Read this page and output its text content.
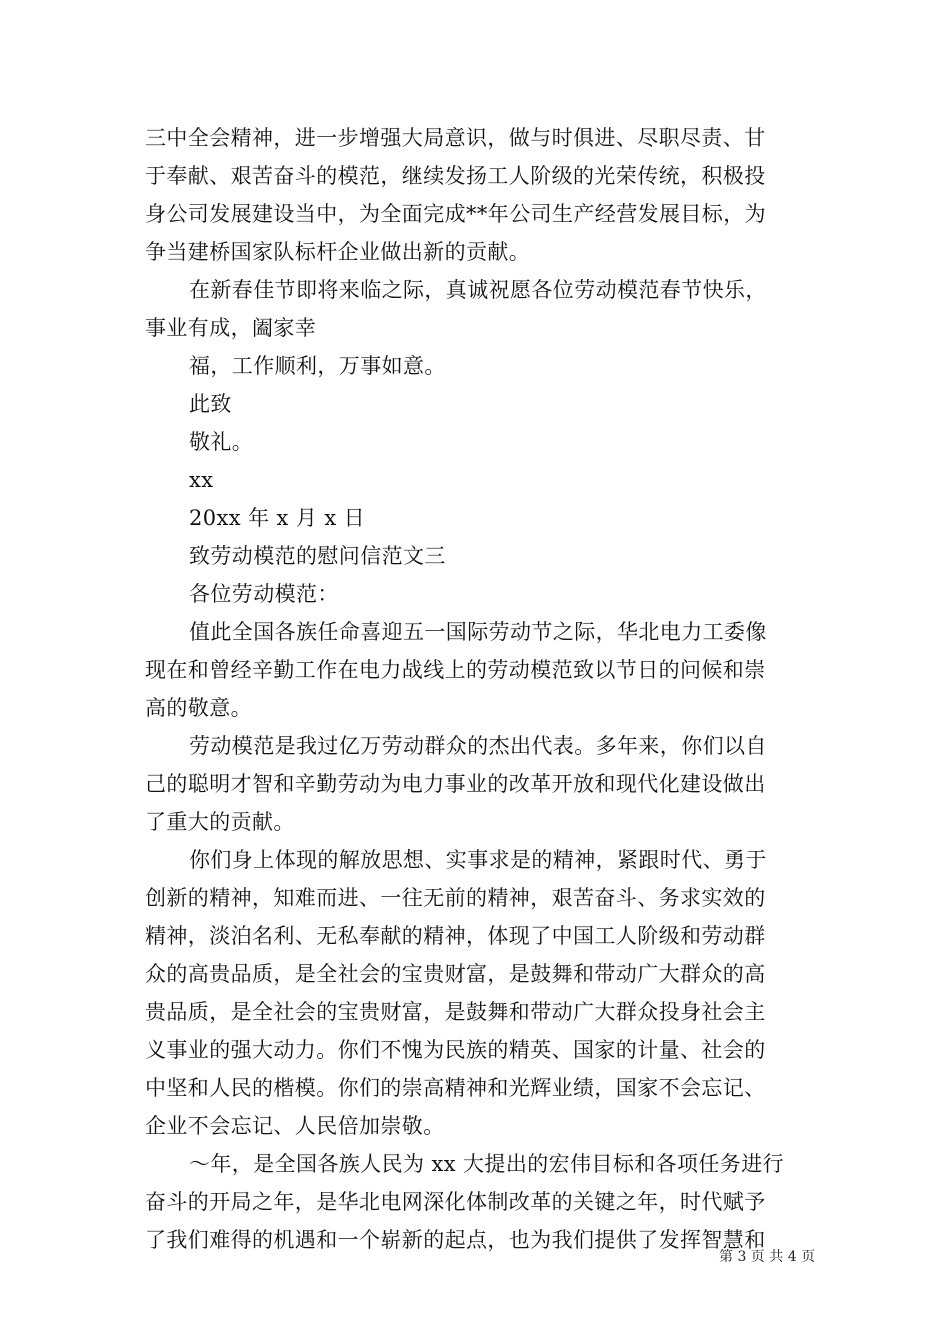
三中全会精神，进一步增强大局意识，做与时俱进、尽职尽责、甘
于奉献、艰苦奋斗的模范，继续发扬工人阶级的光荣传统，积极投
身公司发展建设当中，为全面完成**年公司生产经营发展目标，为
争当建桥国家队标杆企业做出新的贡献。
在新春佳节即将来临之际，真诚祝愿各位劳动模范春节快乐，
事业有成，阖家幸
福，工作顺利，万事如意。
此致
敬礼。
xx
20xx 年 x 月 x 日
致劳动模范的慰问信范文三
各位劳动模范：
值此全国各族任命喜迎五一国际劳动节之际，华北电力工委像
现在和曾经辛勤工作在电力战线上的劳动模范致以节日的问候和崇
高的敬意。
劳动模范是我过亿万劳动群众的杰出代表。多年来，你们以自
己的聪明才智和辛勤劳动为电力事业的改革开放和现代化建设做出
了重大的贡献。
你们身上体现的解放思想、实事求是的精神，紧跟时代、勇于
创新的精神，知难而进、一往无前的精神，艰苦奋斗、务求实效的
精神，淡泊名利、无私奉献的精神，体现了中国工人阶级和劳动群
众的高贵品质，是全社会的宝贵财富，是鼓舞和带动广大群众的高
贵品质，是全社会的宝贵财富，是鼓舞和带动广大群众投身社会主
义事业的强大动力。你们不愧为民族的精英、国家的计量、社会的
中坚和人民的楷模。你们的崇高精神和光辉业绩，国家不会忘记、
企业不会忘记、人民倍加崇敬。
～年，是全国各族人民为 xx 大提出的宏伟目标和各项任务进行
奋斗的开局之年，是华北电网深化体制改革的关键之年，时代赋予
了我们难得的机遇和一个崭新的起点，也为我们提供了发挥智慧和
第 3 页 共 4 页
